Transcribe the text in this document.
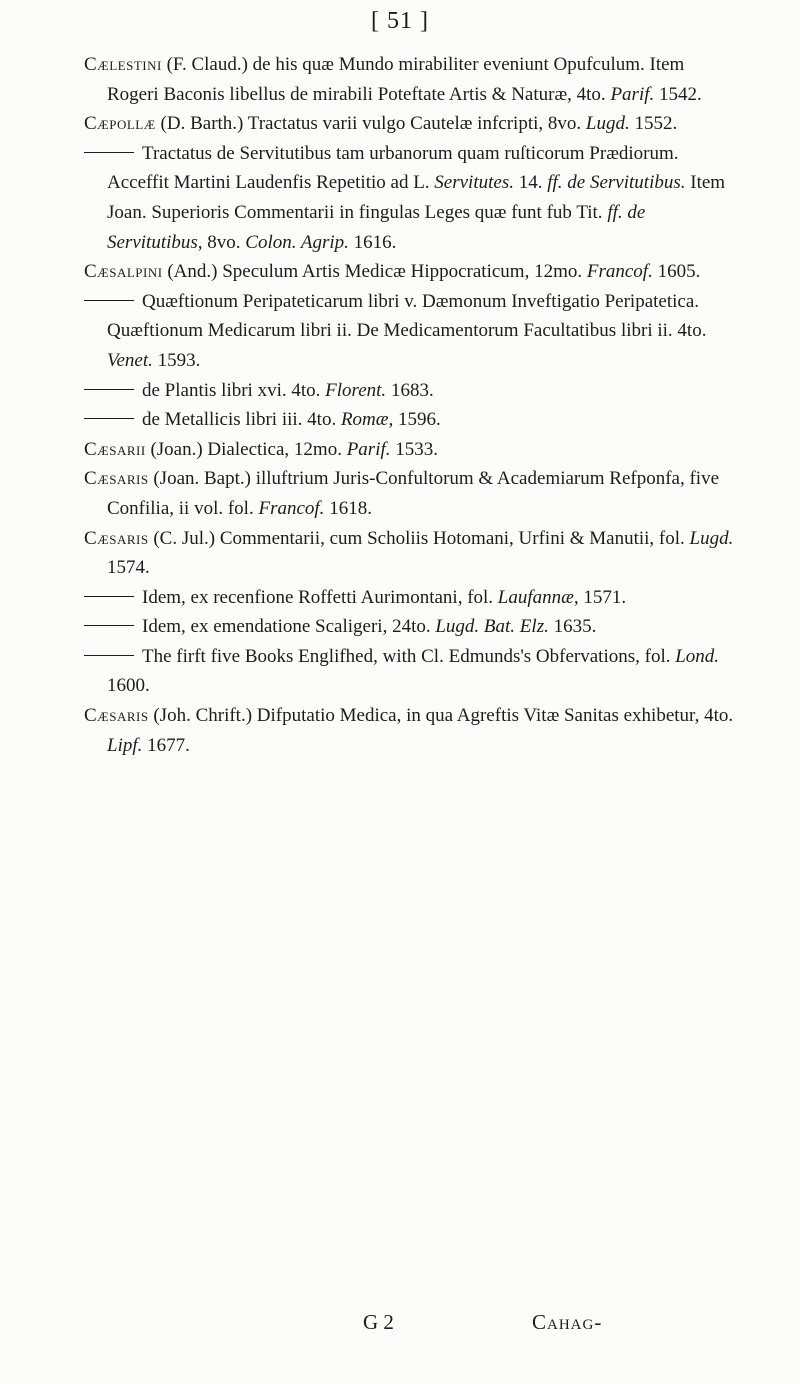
[ 51 ]

Cælestini (F. Claud.) de his quæ Mundo mirabiliter eveniunt Opufculum. Item Rogeri Baconis libellus de mirabili Poteftate Artis & Naturæ, 4to. Parif. 1542.

Cæpollæ (D. Barth.) Tractatus varii vulgo Cautelæ infcripti, 8vo. Lugd. 1552.

Tractatus de Servitutibus tam urbanorum quam ruſticorum Prædiorum. Acceffit Martini Laudenfis Repetitio ad L. Servitutes. 14. ff. de Servitutibus. Item Joan. Superioris Commentarii in fingulas Leges quæ funt fub Tit. ff. de Servitutibus, 8vo. Colon. Agrip. 1616.

Cæsalpini (And.) Speculum Artis Medicæ Hippocraticum, 12mo. Francof. 1605.

Quæftionum Peripateticarum libri v. Dæmonum Inveftigatio Peripatetica. Quæftionum Medicarum libri ii. De Medicamentorum Facultatibus libri ii. 4to. Venet. 1593.

de Plantis libri xvi. 4to. Florent. 1683.

de Metallicis libri iii. 4to. Romæ, 1596.

Cæsarii (Joan.) Dialectica, 12mo. Parif. 1533.

Cæsaris (Joan. Bapt.) illuftrium Juris-Confultorum & Academiarum Refponfa, five Confilia, ii vol. fol. Francof. 1618.

Cæsaris (C. Jul.) Commentarii, cum Scholiis Hotomani, Urfini & Manutii, fol. Lugd. 1574.

Idem, ex recenfione Roffetti Aurimontani, fol. Laufannæ, 1571.

Idem, ex emendatione Scaligeri, 24to. Lugd. Bat. Elz. 1635.

The firft five Books Englifhed, with Cl. Edmunds's Obfervations, fol. Lond. 1600.

Cæsaris (Joh. Chrift.) Difputatio Medica, in qua Agreftis Vitæ Sanitas exhibetur, 4to. Lipf. 1677.

G 2	Cahag-
